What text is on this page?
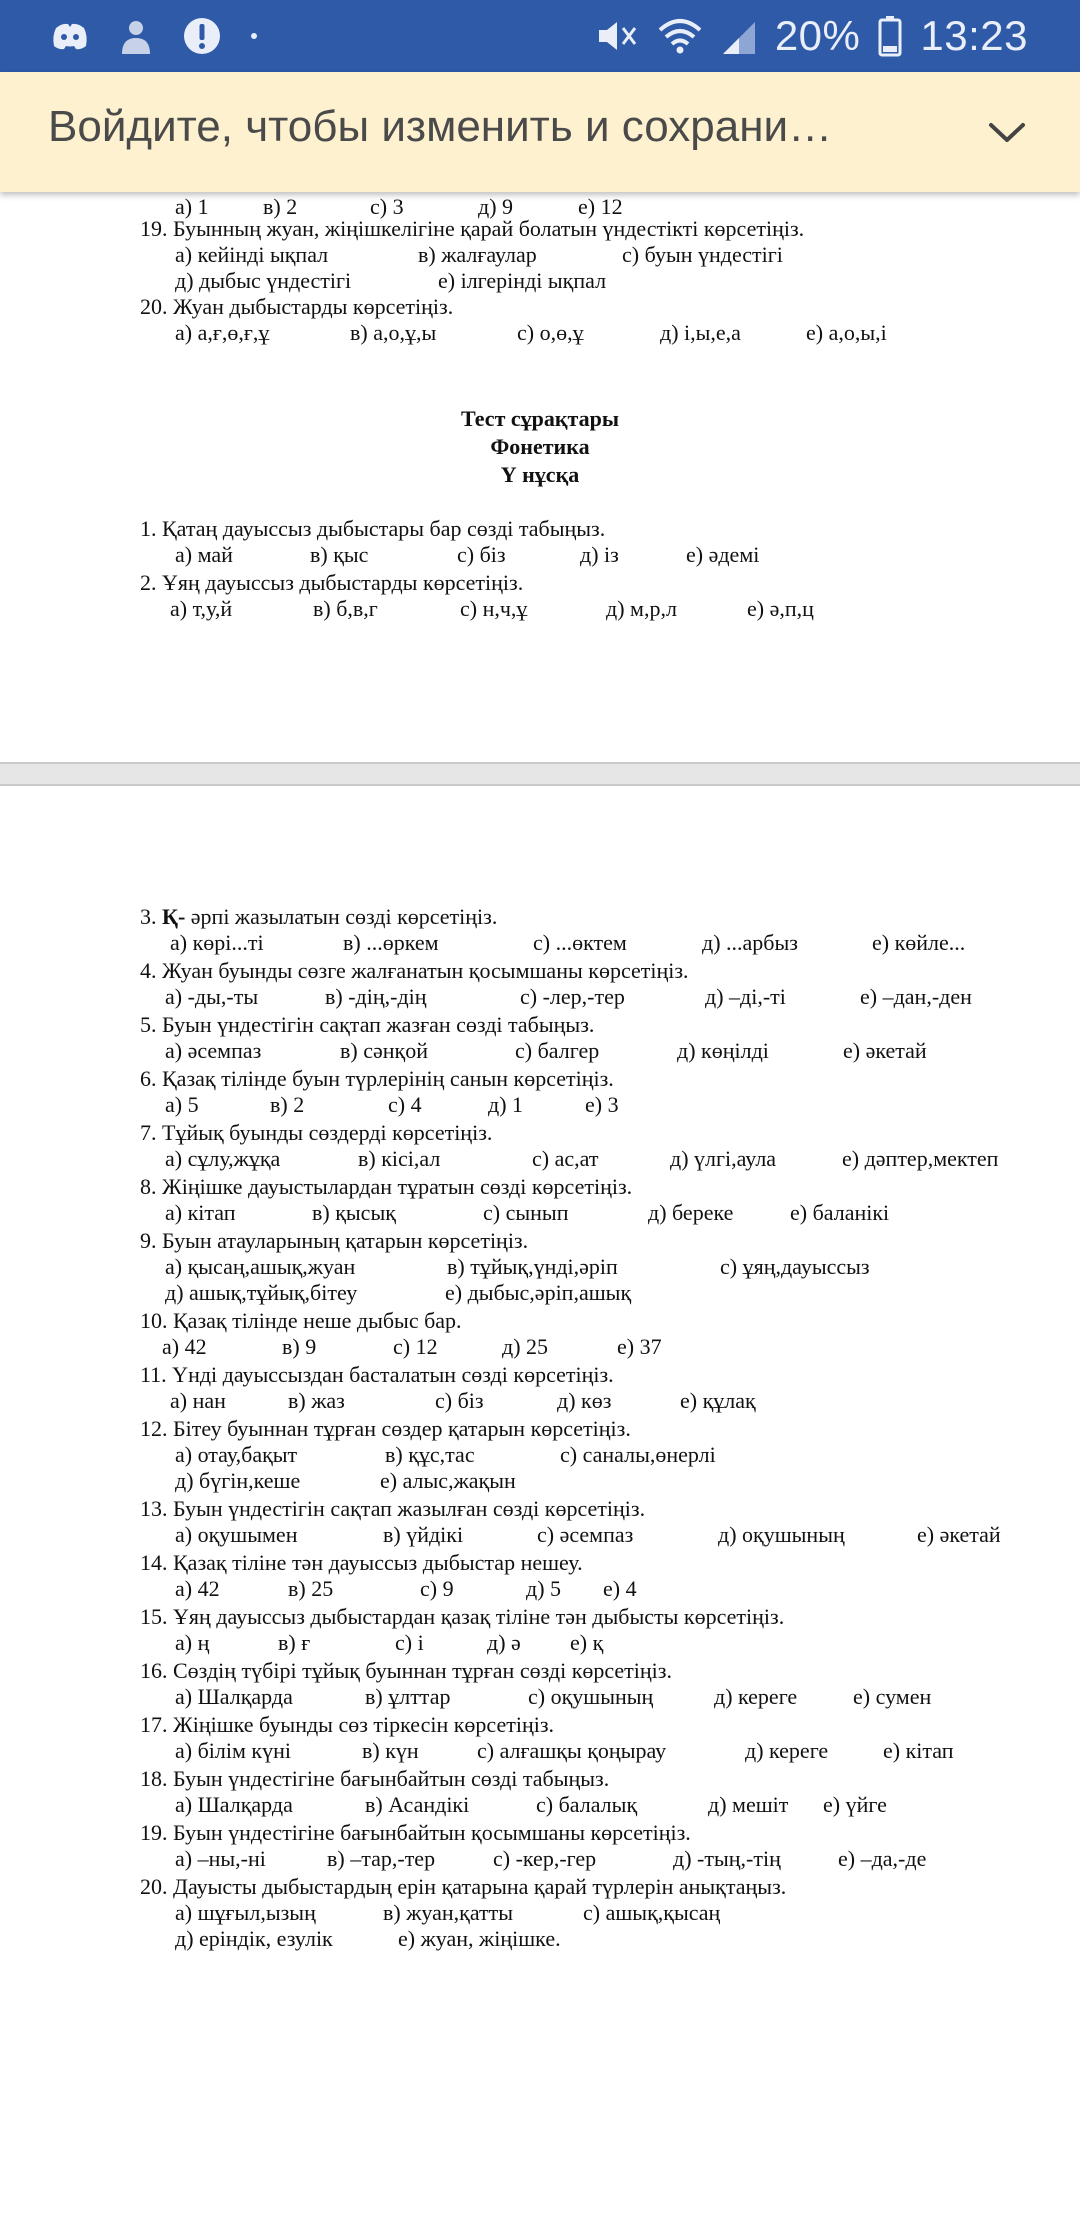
20% 13:23
Войдите, чтобы изменить и сохрани…
а) 1 в) 2	с) 3	д) 9	е) 12
19. Буынның жуан, жіңішкелігіне қарай болатын үндестікті көрсетіңіз.
а) кейінді ықпал	в) жалғаулар	с) буын үндестігі
д) дыбыс үндестігі	е) ілгерінді ықпал
20. Жуан дыбыстарды көрсетіңіз.
а) а,ғ,ө,ғ,ұ	в) а,о,ұ,ы	с) о,ө,ұ	д) і,ы,е,а	е) а,о,ы,і
Тест сұрақтары
Фонетика
Ү нұсқа
1. Қатаң дауыссыз дыбыстары бар сөзді табыңыз.
а) май	в) қыс	с) біз	д) із	е) әдемі
2. Ұяң дауыссыз дыбыстарды көрсетіңіз.
а) т,у,й	в) б,в,г	с) н,ч,ұ	д) м,р,л	е) ә,п,ц
3. Қ- әрпі жазылатын сөзді көрсетіңіз.
а) көрі...ті	в) ...өркем	с) ...өктем	д) ...арбыз	е) көйле...
4. Жуан буынды сөзге жалғанатын қосымшаны көрсетіңіз.
а) -ды,-ты	в) -дің,-дің	с) -лер,-тер	д) –ді,-ті	е) –дан,-ден
5. Буын үндестігін сақтап жазған сөзді табыңыз.
а) әсемпаз	в) сәнқой	с) балгер	д) көңілді	е) әкетай
6. Қазақ тілінде буын түрлерінің санын көрсетіңіз.
а) 5	в) 2	с) 4	д) 1	е) 3
7. Тұйық буынды сөздерді көрсетіңіз.
а) сұлу,жұқа	в) кісі,ал	с) ас,ат	д) үлгі,аула	е) дәптер,мектеп
8. Жіңішке дауыстылардан тұратын сөзді көрсетіңіз.
а) кітап	в) қысық	с) сынып	д) береке	е) баланікі
9. Буын атауларының қатарын көрсетіңіз.
а) қысаң,ашық,жуан	в) тұйық,үнді,әріп	с) ұяң,дауыссыз
д) ашық,тұйық,бітеу	е) дыбыс,әріп,ашық
10. Қазақ тілінде неше дыбыс бар.
а) 42	в) 9	с) 12	д) 25	е) 37
11. Үнді дауыссыздан басталатын сөзді көрсетіңіз.
а) нан	в) жаз	с) біз	д) көз	е) құлақ
12. Бітеу буыннан тұрған сөздер қатарын көрсетіңіз.
а) отау,бақыт	в) құс,тас	с) саналы,өнерлі
д) бүгін,кеше	е) алыс,жақын
13. Буын үндестігін сақтап жазылған сөзді көрсетіңіз.
а) оқушымен	в) үйдікі	с) әсемпаз	д) оқушының	е) әкетай
14. Қазақ тіліне тән дауыссыз дыбыстар нешеу.
а) 42	в) 25	с) 9	д) 5 е) 4
15. Ұяң дауыссыз дыбыстардан қазақ тіліне тән дыбысты көрсетіңіз.
а) ң	в) ғ	с) і	д) ә е) қ
16. Сөздің түбірі тұйық буыннан тұрған сөзді көрсетіңіз.
а) Шалқарда	в) ұлттар	с) оқушының	д) кереге	е) сумен
17. Жіңішке буынды сөз тіркесін көрсетіңіз.
а) білім күні	в) күн	с) алғашқы қоңырау	д) кереге е) кітап
18. Буын үндестігіне бағынбайтын сөзді табыңыз.
а) Шалқарда	в) Асандікі	с) балалық	д) мешіт е) үйге
19. Буын үндестігіне бағынбайтын қосымшаны көрсетіңіз.
а) –ны,-ні	в) –тар,-тер	с) -кер,-гер	д) -тың,-тің	е) –да,-де
20. Дауысты дыбыстардың ерін қатарына қарай түрлерін анықтаңыз.
а) шұғыл,ызың	в) жуан,қатты	с) ашық,қысаң
д) еріндік, езулік	е) жуан, жіңішке.
